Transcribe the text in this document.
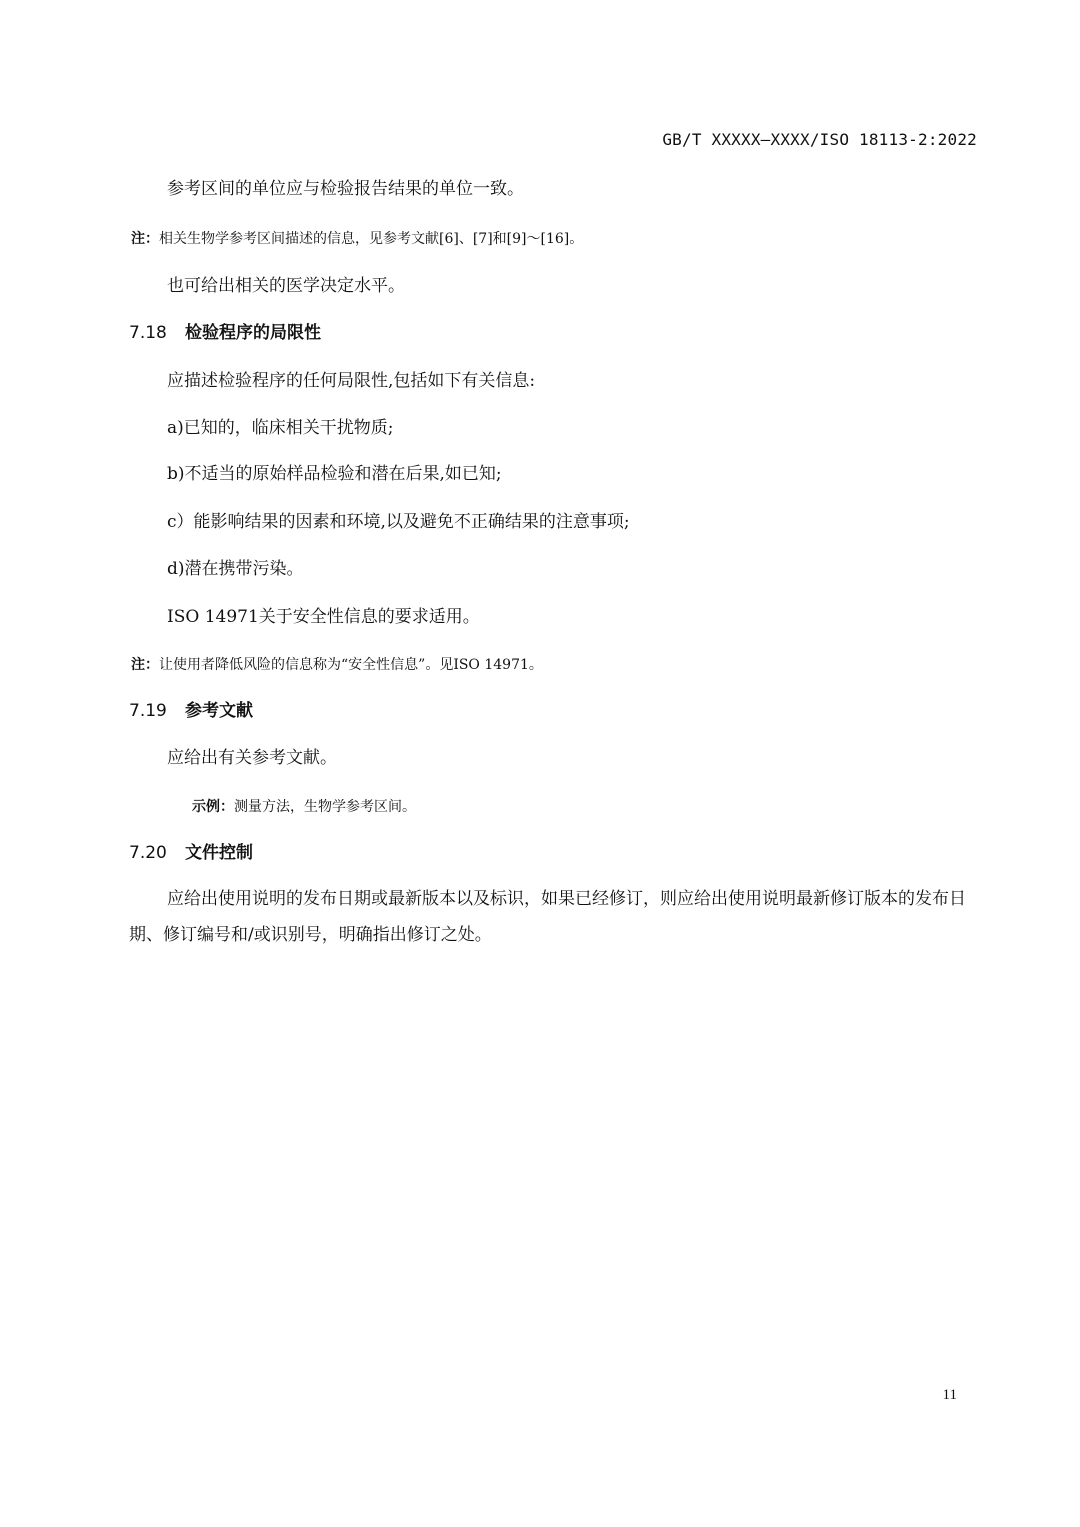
GB/T XXXXX—XXXX/ISO 18113-2:2022
参考区间的单位应与检验报告结果的单位一致。
注：相关生物学参考区间描述的信息，见参考文献[6]、[7]和[9]～[16]。
也可给出相关的医学决定水平。
7.18 检验程序的局限性
应描述检验程序的任何局限性,包括如下有关信息:
a)已知的，临床相关干扰物质;
b)不适当的原始样品检验和潜在后果,如已知;
c）能影响结果的因素和环境,以及避免不正确结果的注意事项;
d)潜在携带污染。
ISO 14971关于安全性信息的要求适用。
注：让使用者降低风险的信息称为“安全性信息”。见ISO 14971。
7.19 参考文献
应给出有关参考文献。
示例：测量方法，生物学参考区间。
7.20 文件控制
应给出使用说明的发布日期或最新版本以及标识，如果已经修订，则应给出使用说明最新修订版本的发布日期、修订编号和/或识别号，明确指出修订之处。
11
